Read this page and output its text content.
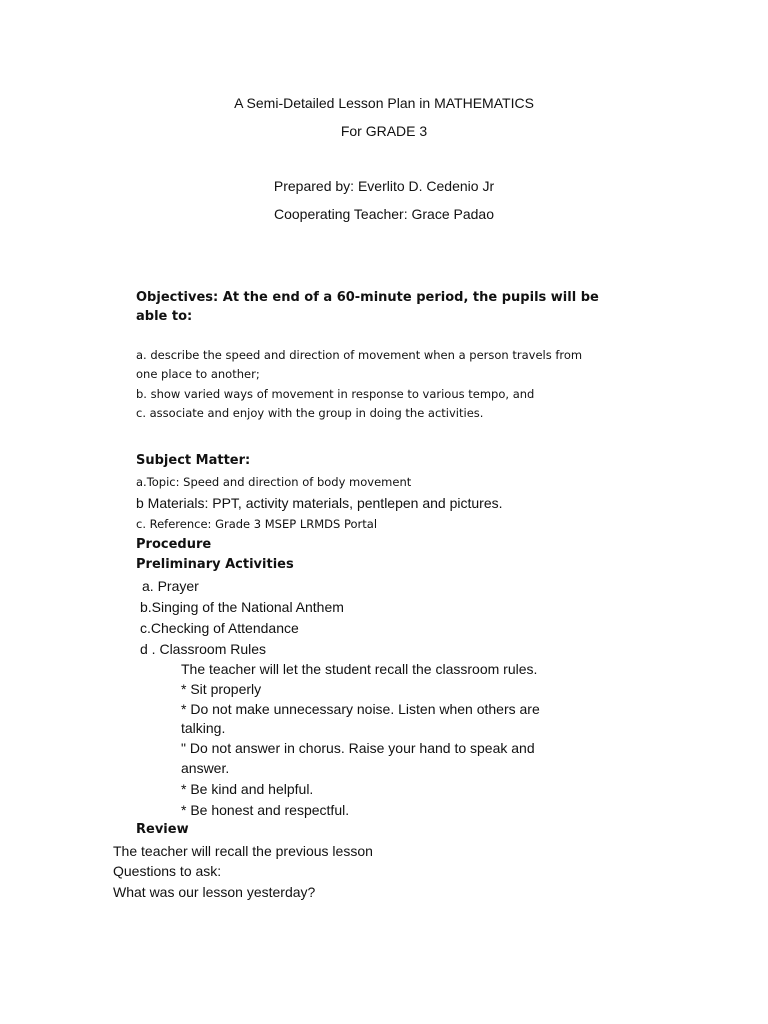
A Semi-Detailed Lesson Plan in MATHEMATICS
For GRADE 3
Prepared by: Everlito D. Cedenio Jr
Cooperating Teacher: Grace Padao
Objectives: At the end of a 60-minute period, the pupils will be
able to:
a. describe the speed and direction of movement when a person travels from
one place to another;
b. show varied ways of movement in response to various tempo, and
c. associate and enjoy with the group in doing the activities.
Subject Matter:
a.Topic: Speed and direction of body movement
b Materials: PPT, activity materials, pentlepen and pictures.
c. Reference: Grade 3 MSEP LRMDS Portal
Procedure
Preliminary Activities
a. Prayer
b.Singing of the National Anthem
c.Checking of Attendance
d . Classroom Rules
The teacher will let the student recall the classroom rules.
* Sit properly
* Do not make unnecessary noise. Listen when others are
talking.
" Do not answer in chorus. Raise your hand to speak and
answer.
* Be kind and helpful.
* Be honest and respectful.
Review
The teacher will recall the previous lesson
Questions to ask:
What was our lesson yesterday?
